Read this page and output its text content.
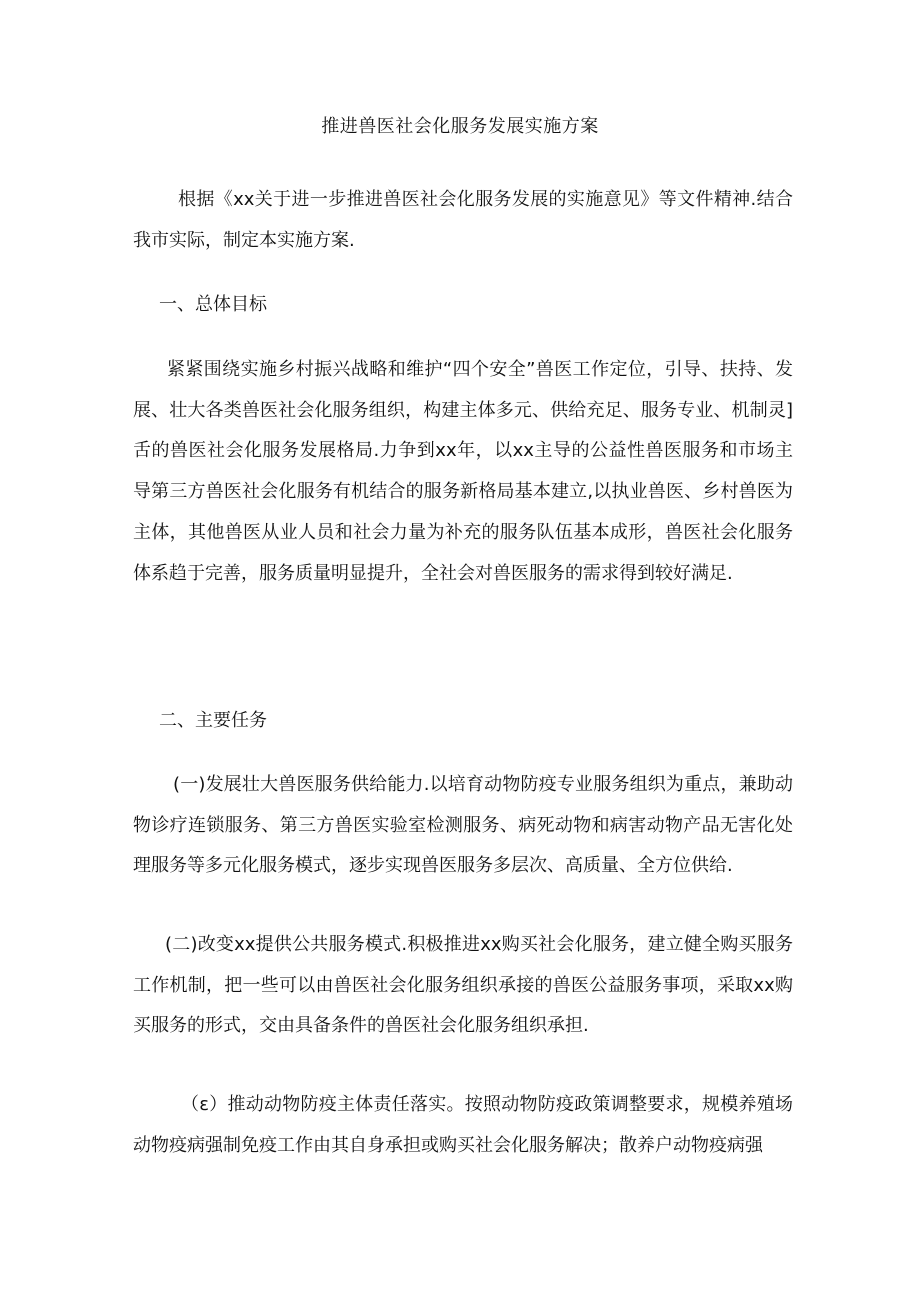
推进兽医社会化服务发展实施方案

根据《xx关于进一步推进兽医社会化服务发展的实施意见》等文件精神.结合我市实际，制定本实施方案.

一、总体目标

紧紧围绕实施乡村振兴战略和维护“四个安全”兽医工作定位，引导、扶持、发展、壮大各类兽医社会化服务组织，构建主体多元、供给充足、服务专业、机制灵]舌的兽医社会化服务发展格局.力争到xx年，以xx主导的公益性兽医服务和市场主导第三方兽医社会化服务有机结合的服务新格局基本建立,以执业兽医、乡村兽医为主体，其他兽医从业人员和社会力量为补充的服务队伍基本成形，兽医社会化服务体系趋于完善，服务质量明显提升，全社会对兽医服务的需求得到较好满足.

二、主要任务

(一)发展壮大兽医服务供给能力.以培育动物防疫专业服务组织为重点，兼助动物诊疗连锁服务、第三方兽医实验室检测服务、病死动物和病害动物产品无害化处理服务等多元化服务模式，逐步实现兽医服务多层次、高质量、全方位供给.

(二)改变xx提供公共服务模式.积极推进xx购买社会化服务，建立健全购买服务工作机制，把一些可以由兽医社会化服务组织承接的兽医公益服务事项，采取xx购买服务的形式，交由具备条件的兽医社会化服务组织承担.

（ɛ）推动动物防疫主体责任落实。按照动物防疫政策调整要求，规模养殖场动物疫病强制免疫工作由其自身承担或购买社会化服务解决；散养户动物疫病强
